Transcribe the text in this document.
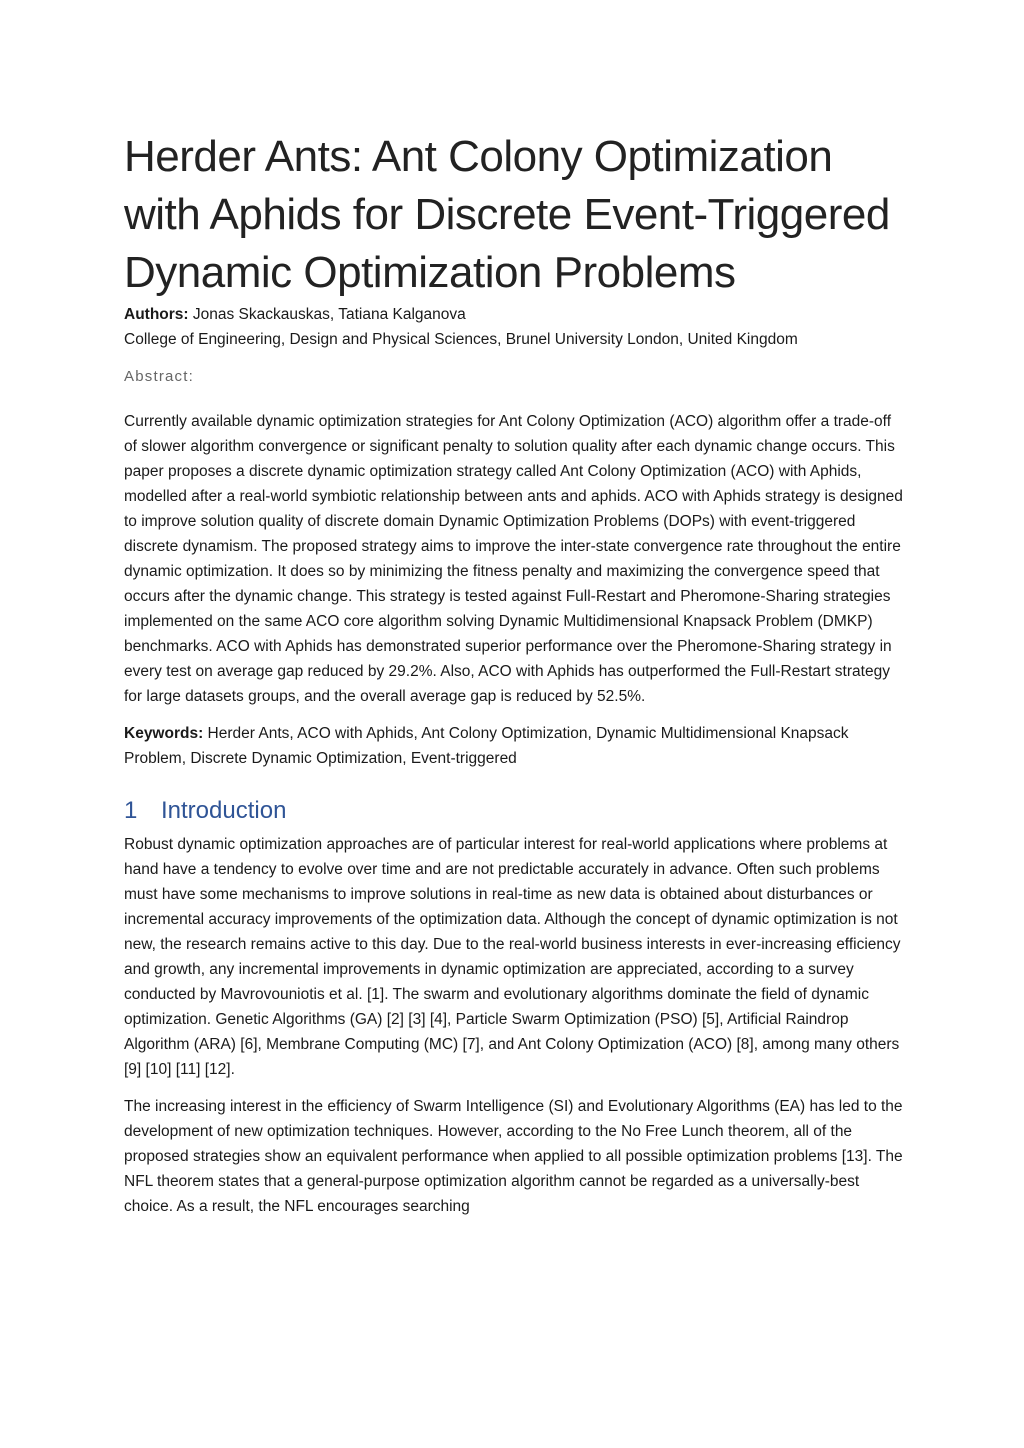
Herder Ants: Ant Colony Optimization with Aphids for Discrete Event-Triggered Dynamic Optimization Problems

Authors: Jonas Skackauskas, Tatiana Kalganova

College of Engineering, Design and Physical Sciences, Brunel University London, United Kingdom

Abstract:

Currently available dynamic optimization strategies for Ant Colony Optimization (ACO) algorithm offer a trade-off of slower algorithm convergence or significant penalty to solution quality after each dynamic change occurs. This paper proposes a discrete dynamic optimization strategy called Ant Colony Optimization (ACO) with Aphids, modelled after a real-world symbiotic relationship between ants and aphids. ACO with Aphids strategy is designed to improve solution quality of discrete domain Dynamic Optimization Problems (DOPs) with event-triggered discrete dynamism. The proposed strategy aims to improve the inter-state convergence rate throughout the entire dynamic optimization. It does so by minimizing the fitness penalty and maximizing the convergence speed that occurs after the dynamic change. This strategy is tested against Full-Restart and Pheromone-Sharing strategies implemented on the same ACO core algorithm solving Dynamic Multidimensional Knapsack Problem (DMKP) benchmarks. ACO with Aphids has demonstrated superior performance over the Pheromone-Sharing strategy in every test on average gap reduced by 29.2%. Also, ACO with Aphids has outperformed the Full-Restart strategy for large datasets groups, and the overall average gap is reduced by 52.5%.

Keywords: Herder Ants, ACO with Aphids, Ant Colony Optimization, Dynamic Multidimensional Knapsack Problem, Discrete Dynamic Optimization, Event-triggered

1 Introduction

Robust dynamic optimization approaches are of particular interest for real-world applications where problems at hand have a tendency to evolve over time and are not predictable accurately in advance. Often such problems must have some mechanisms to improve solutions in real-time as new data is obtained about disturbances or incremental accuracy improvements of the optimization data. Although the concept of dynamic optimization is not new, the research remains active to this day. Due to the real-world business interests in ever-increasing efficiency and growth, any incremental improvements in dynamic optimization are appreciated, according to a survey conducted by Mavrovouniotis et al. [1]. The swarm and evolutionary algorithms dominate the field of dynamic optimization. Genetic Algorithms (GA) [2] [3] [4], Particle Swarm Optimization (PSO) [5], Artificial Raindrop Algorithm (ARA) [6], Membrane Computing (MC) [7], and Ant Colony Optimization (ACO) [8], among many others [9] [10] [11] [12].

The increasing interest in the efficiency of Swarm Intelligence (SI) and Evolutionary Algorithms (EA) has led to the development of new optimization techniques. However, according to the No Free Lunch theorem, all of the proposed strategies show an equivalent performance when applied to all possible optimization problems [13]. The NFL theorem states that a general-purpose optimization algorithm cannot be regarded as a universally-best choice. As a result, the NFL encourages searching
